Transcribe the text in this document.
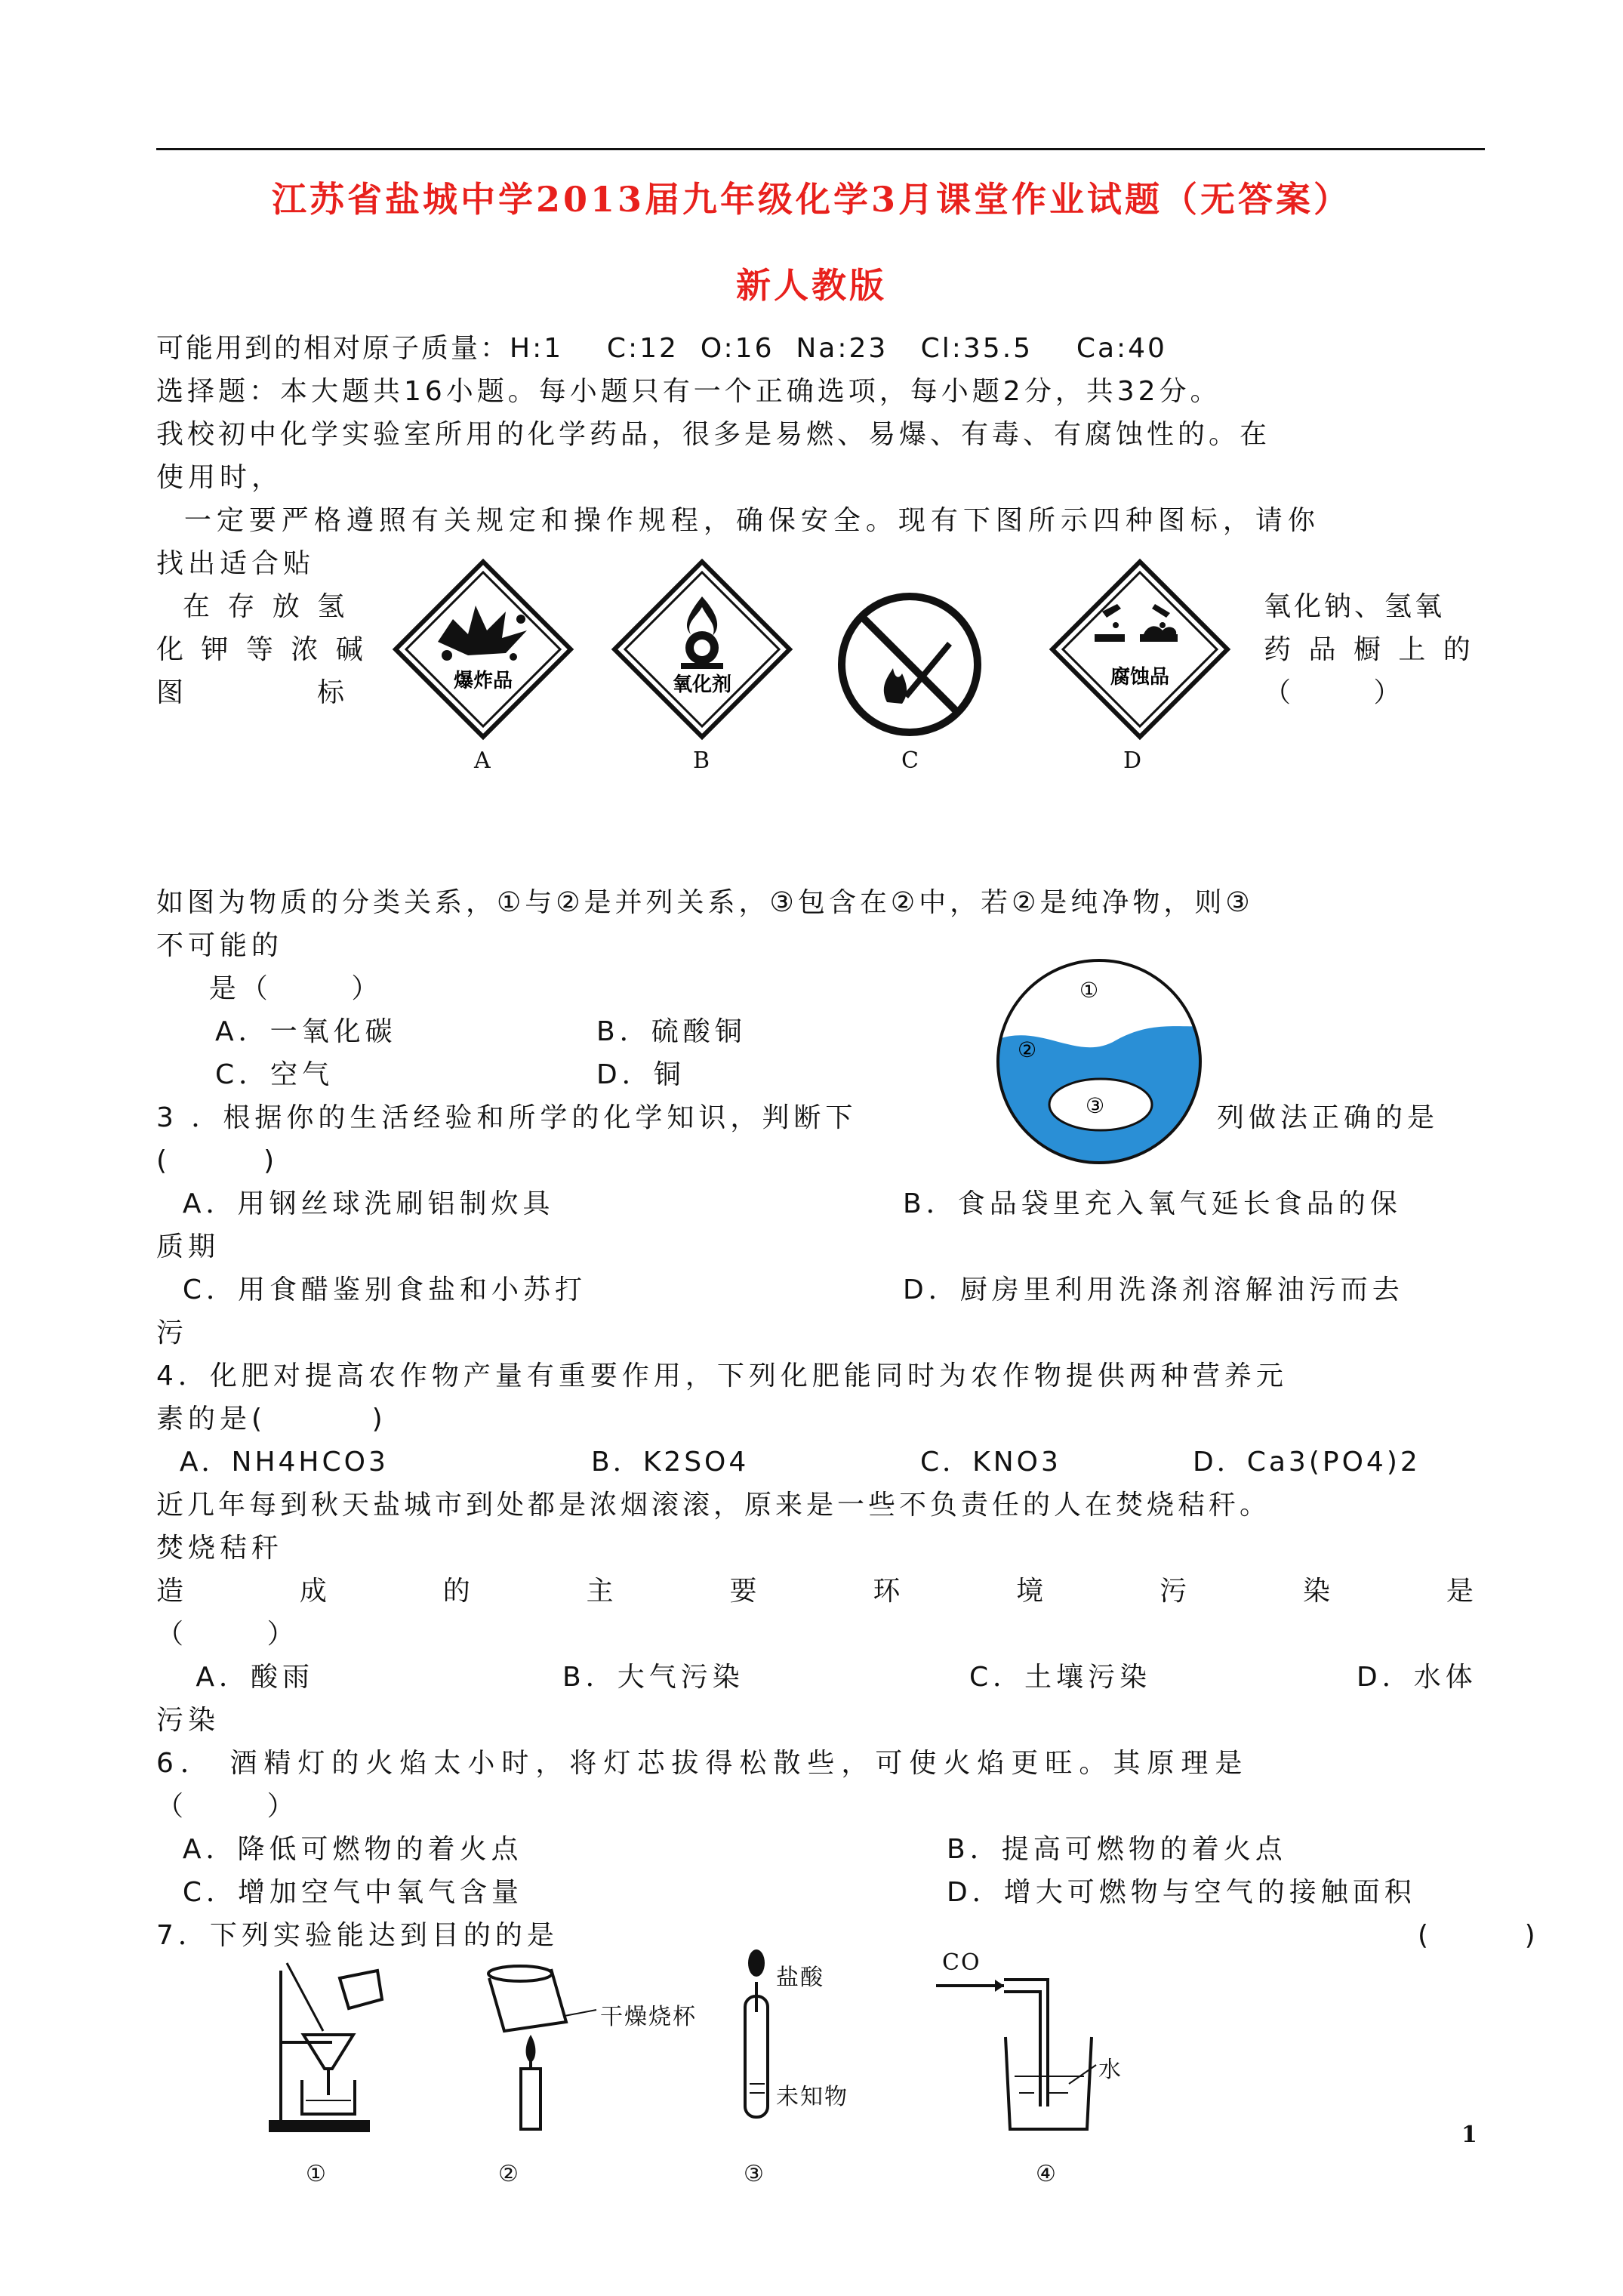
江苏省盐城中学2013届九年级化学3月课堂作业试题（无答案）
新人教版
可能用到的相对原子质量：H:1    C:12  O:16  Na:23   Cl:35.5    Ca:40
选择题：本大题共16小题。每小题只有一个正确选项，每小题2分，共32分。
我校初中化学实验室所用的化学药品，很多是易燃、易爆、有毒、有腐蚀性的。在
使用时，
一定要严格遵照有关规定和操作规程，确保安全。现有下图所示四种图标，请你
找出适合贴
在 存 放 氢
化 钾 等 浓 碱
图	标
氧化钠、氢氧
药 品 橱 上 的
（        ）
爆炸品
A
氧化剂
B	C
腐蚀品
D
如图为物质的分类关系，①与②是并列关系，③包含在②中，若②是纯净物，则③
不可能的
是（      ）
A．一氧化碳	B．硫酸铜
C．空气	D．铜
①
②
③
3 ．根据你的生活经验和所学的化学知识，判断下	列做法正确的是
(       )
A．用钢丝球洗刷铝制炊具	B．食品袋里充入氧气延长食品的保
质期
C．用食醋鉴别食盐和小苏打	D．厨房里利用洗涤剂溶解油污而去
污
4．化肥对提高农作物产量有重要作用，下列化肥能同时为农作物提供两种营养元
素的是(        )
A．NH4HCO3	B．K2SO4	C．KNO3	D．Ca3(PO4)2
近几年每到秋天盐城市到处都是浓烟滚滚，原来是一些不负责任的人在焚烧秸秆。
焚烧秸秆
造	成	的	主	要	环	境	污	染	是
（      ）
A．酸雨	B．大气污染	C．土壤污染	D．水体
污染
6． 酒精灯的火焰太小时，将灯芯拔得松散些，可使火焰更旺。其原理是
（      ）
A．降低可燃物的着火点	B．提高可燃物的着火点
C．增加空气中氧气含量	D．增大可燃物与空气的接触面积
7．下列实验能达到目的的是	(        )
干燥烧杯
盐酸
未知物
CO
水
①	②	③	④
1
